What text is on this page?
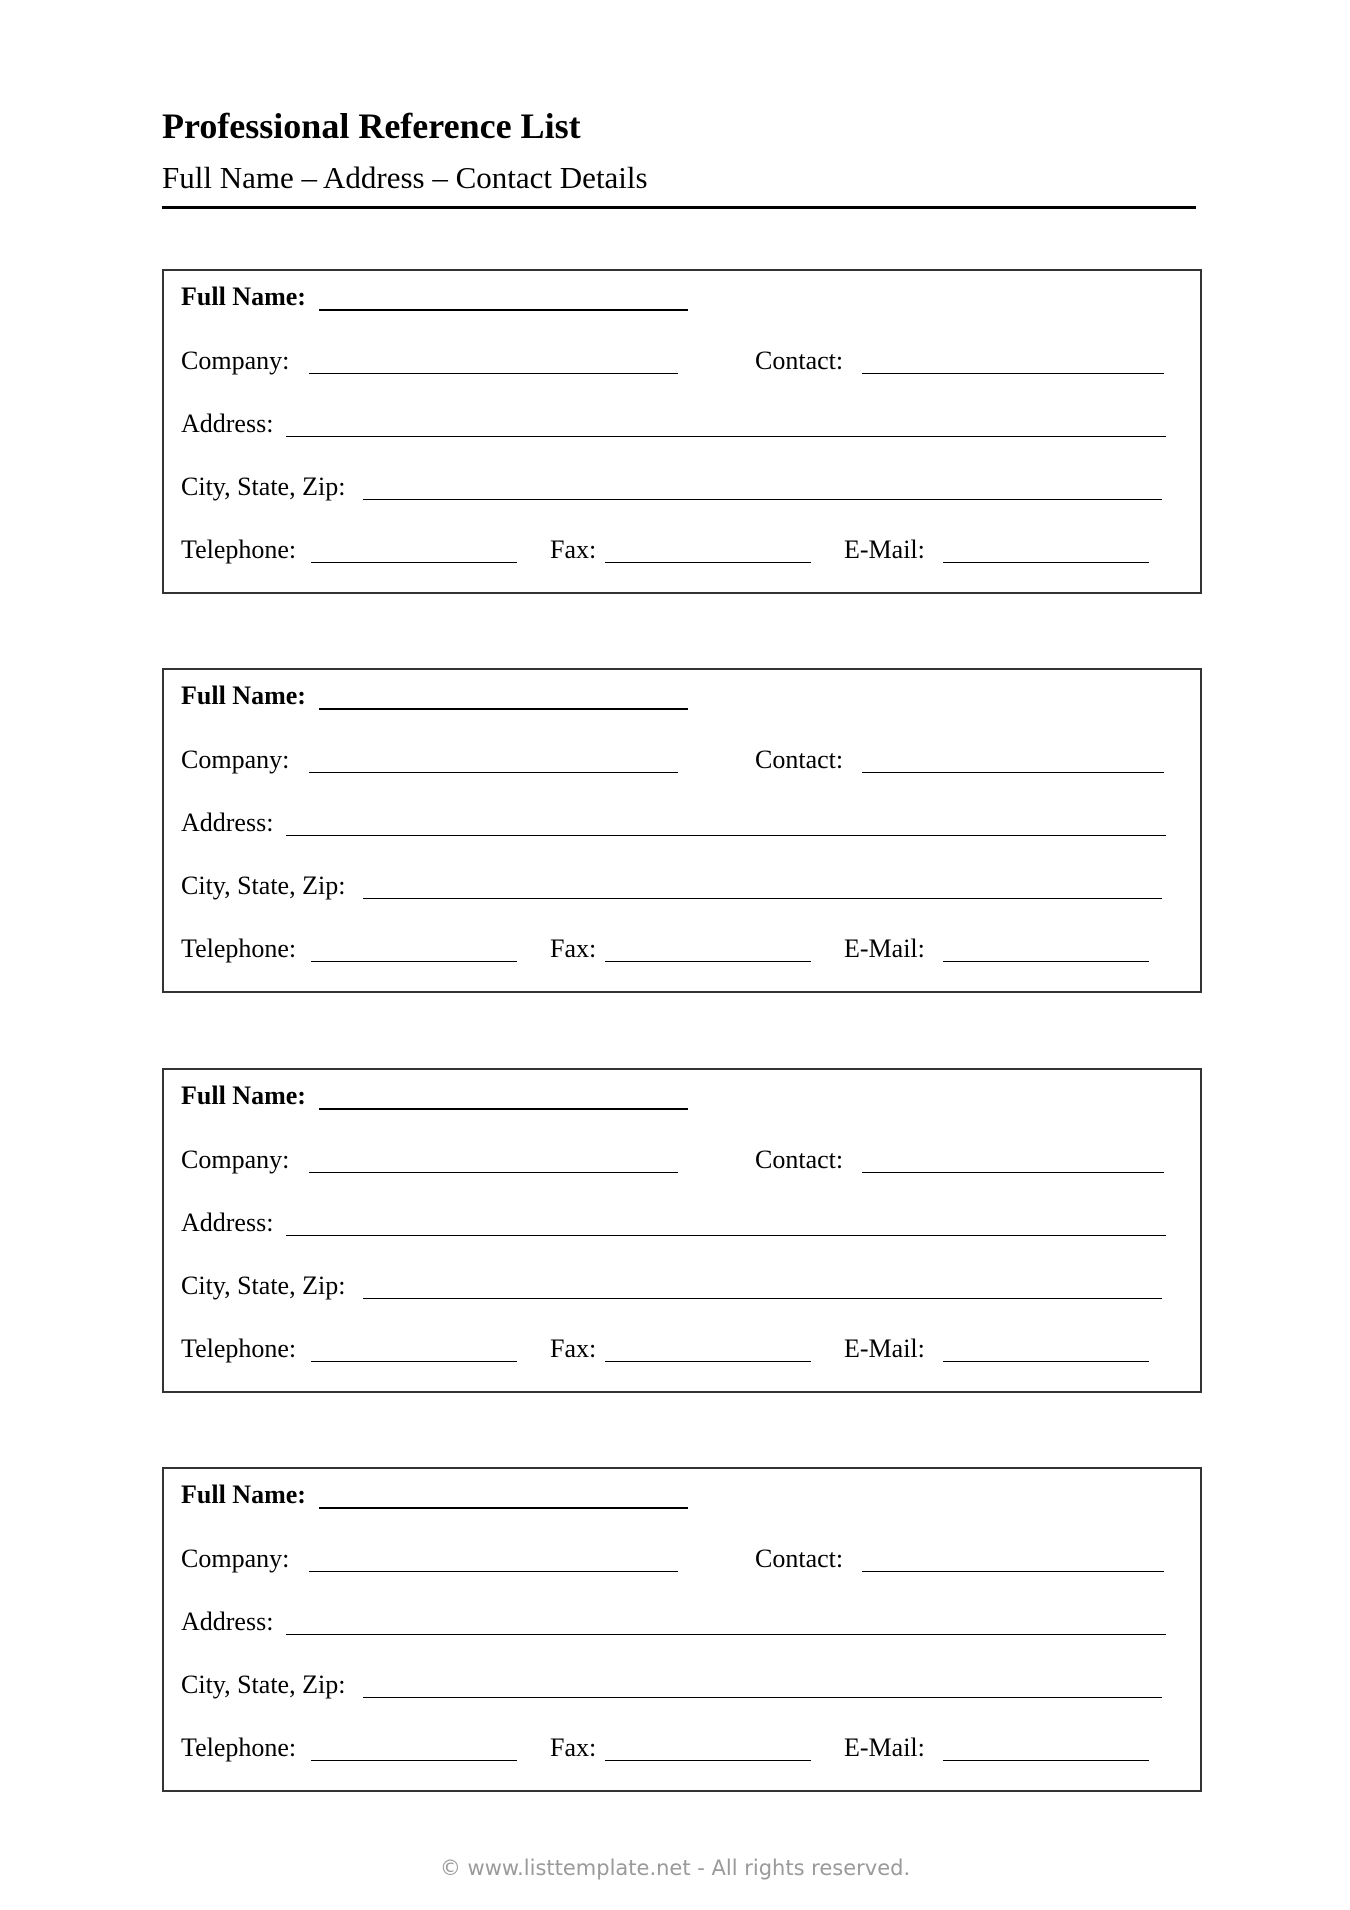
Professional Reference List
Full Name – Address – Contact Details
Full Name:
Company:	Contact:
Address:
City, State, Zip:
Telephone:	Fax:	E-Mail:
Full Name:
Company:	Contact:
Address:
City, State, Zip:
Telephone:	Fax:	E-Mail:
Full Name:
Company:	Contact:
Address:
City, State, Zip:
Telephone:	Fax:	E-Mail:
Full Name:
Company:	Contact:
Address:
City, State, Zip:
Telephone:	Fax:	E-Mail:
© www.listtemplate.net - All rights reserved.
